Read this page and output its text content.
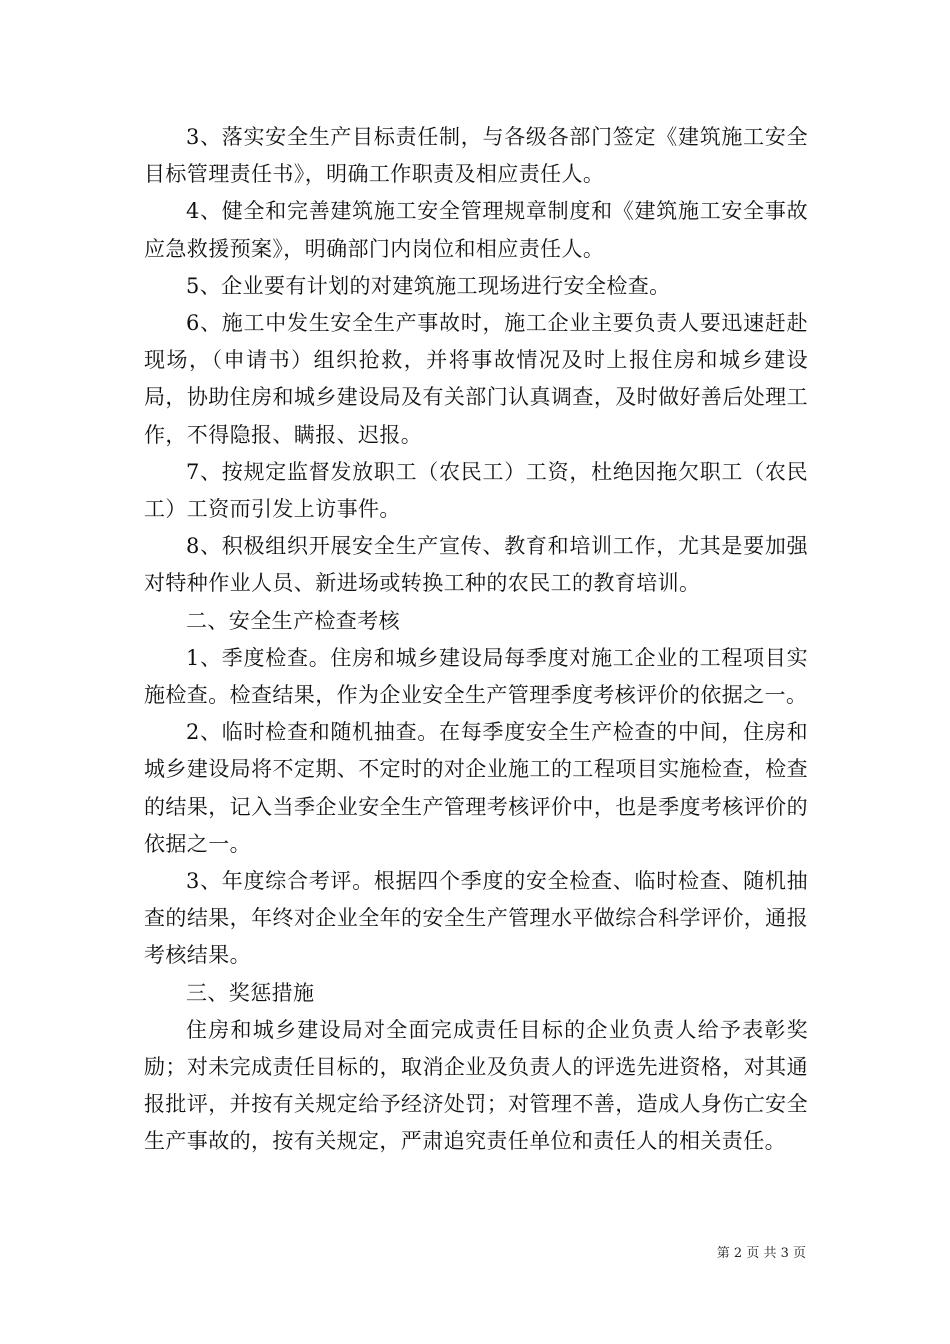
3、落实安全生产目标责任制，与各级各部门签定《建筑施工安全目标管理责任书》，明确工作职责及相应责任人。

4、健全和完善建筑施工安全管理规章制度和《建筑施工安全事故应急救援预案》，明确部门内岗位和相应责任人。

5、企业要有计划的对建筑施工现场进行安全检查。

6、施工中发生安全生产事故时，施工企业主要负责人要迅速赶赴现场，（申请书）组织抢救，并将事故情况及时上报住房和城乡建设局，协助住房和城乡建设局及有关部门认真调查，及时做好善后处理工作，不得隐报、瞒报、迟报。

7、按规定监督发放职工（农民工）工资，杜绝因拖欠职工（农民工）工资而引发上访事件。

8、积极组织开展安全生产宣传、教育和培训工作，尤其是要加强对特种作业人员、新进场或转换工种的农民工的教育培训。

二、安全生产检查考核

1、季度检查。住房和城乡建设局每季度对施工企业的工程项目实施检查。检查结果，作为企业安全生产管理季度考核评价的依据之一。

2、临时检查和随机抽查。在每季度安全生产检查的中间，住房和城乡建设局将不定期、不定时的对企业施工的工程项目实施检查，检查的结果，记入当季企业安全生产管理考核评价中，也是季度考核评价的依据之一。

3、年度综合考评。根据四个季度的安全检查、临时检查、随机抽查的结果，年终对企业全年的安全生产管理水平做综合科学评价，通报考核结果。

三、奖惩措施

住房和城乡建设局对全面完成责任目标的企业负责人给予表彰奖励；对未完成责任目标的，取消企业及负责人的评选先进资格，对其通报批评，并按有关规定给予经济处罚；对管理不善，造成人身伤亡安全生产事故的，按有关规定，严肃追究责任单位和责任人的相关责任。

第 2 页 共 3 页
